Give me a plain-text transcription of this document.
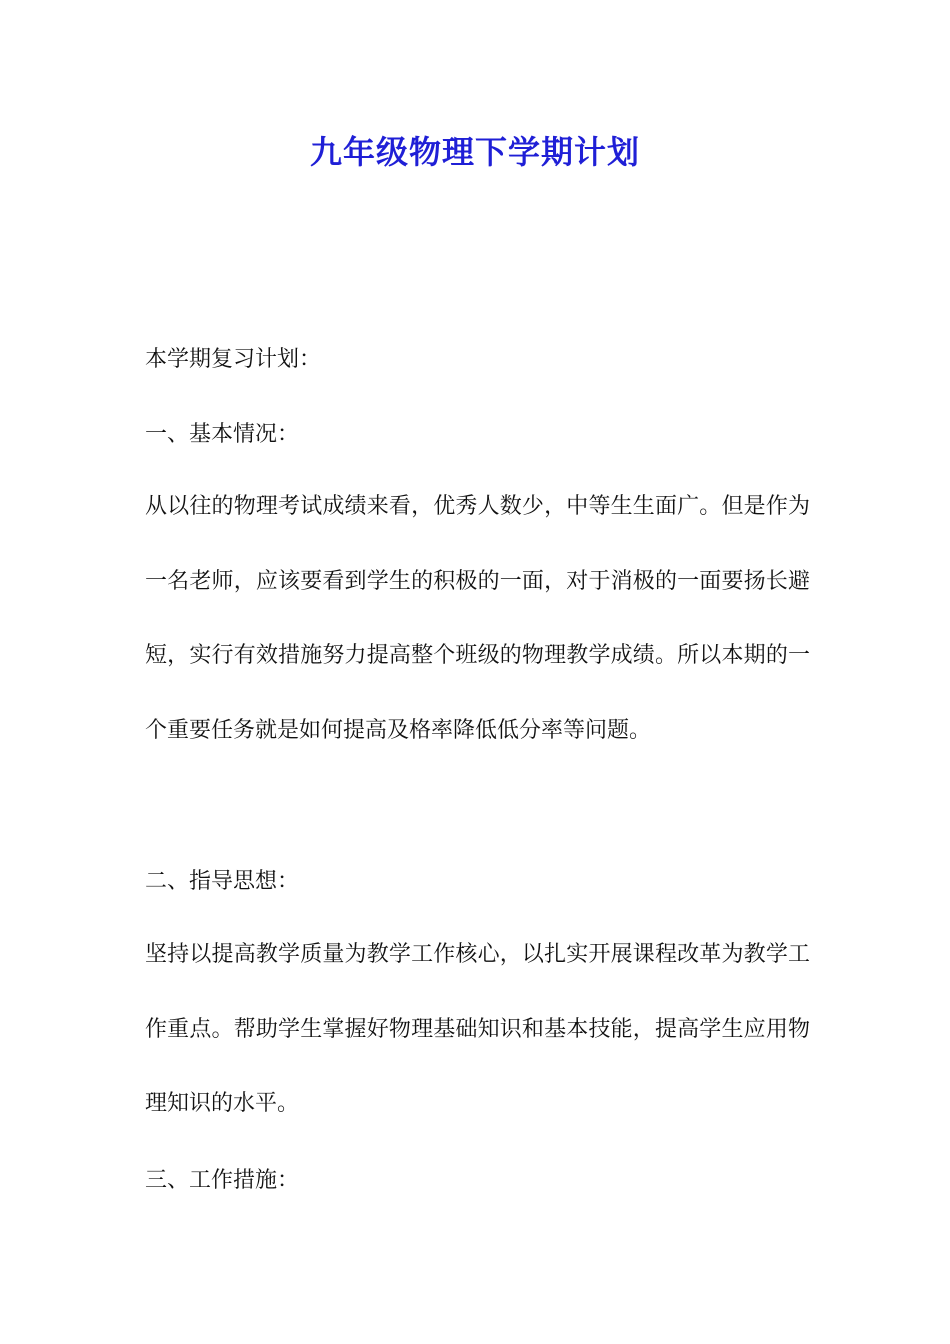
九年级物理下学期计划

本学期复习计划：

一、基本情况：

从以往的物理考试成绩来看，优秀人数少，中等生生面广。但是作为一名老师，应该要看到学生的积极的一面，对于消极的一面要扬长避短，实行有效措施努力提高整个班级的物理教学成绩。所以本期的一个重要任务就是如何提高及格率降低低分率等问题。

二、指导思想：

坚持以提高教学质量为教学工作核心，以扎实开展课程改革为教学工作重点。帮助学生掌握好物理基础知识和基本技能，提高学生应用物理知识的水平。

三、工作措施：
